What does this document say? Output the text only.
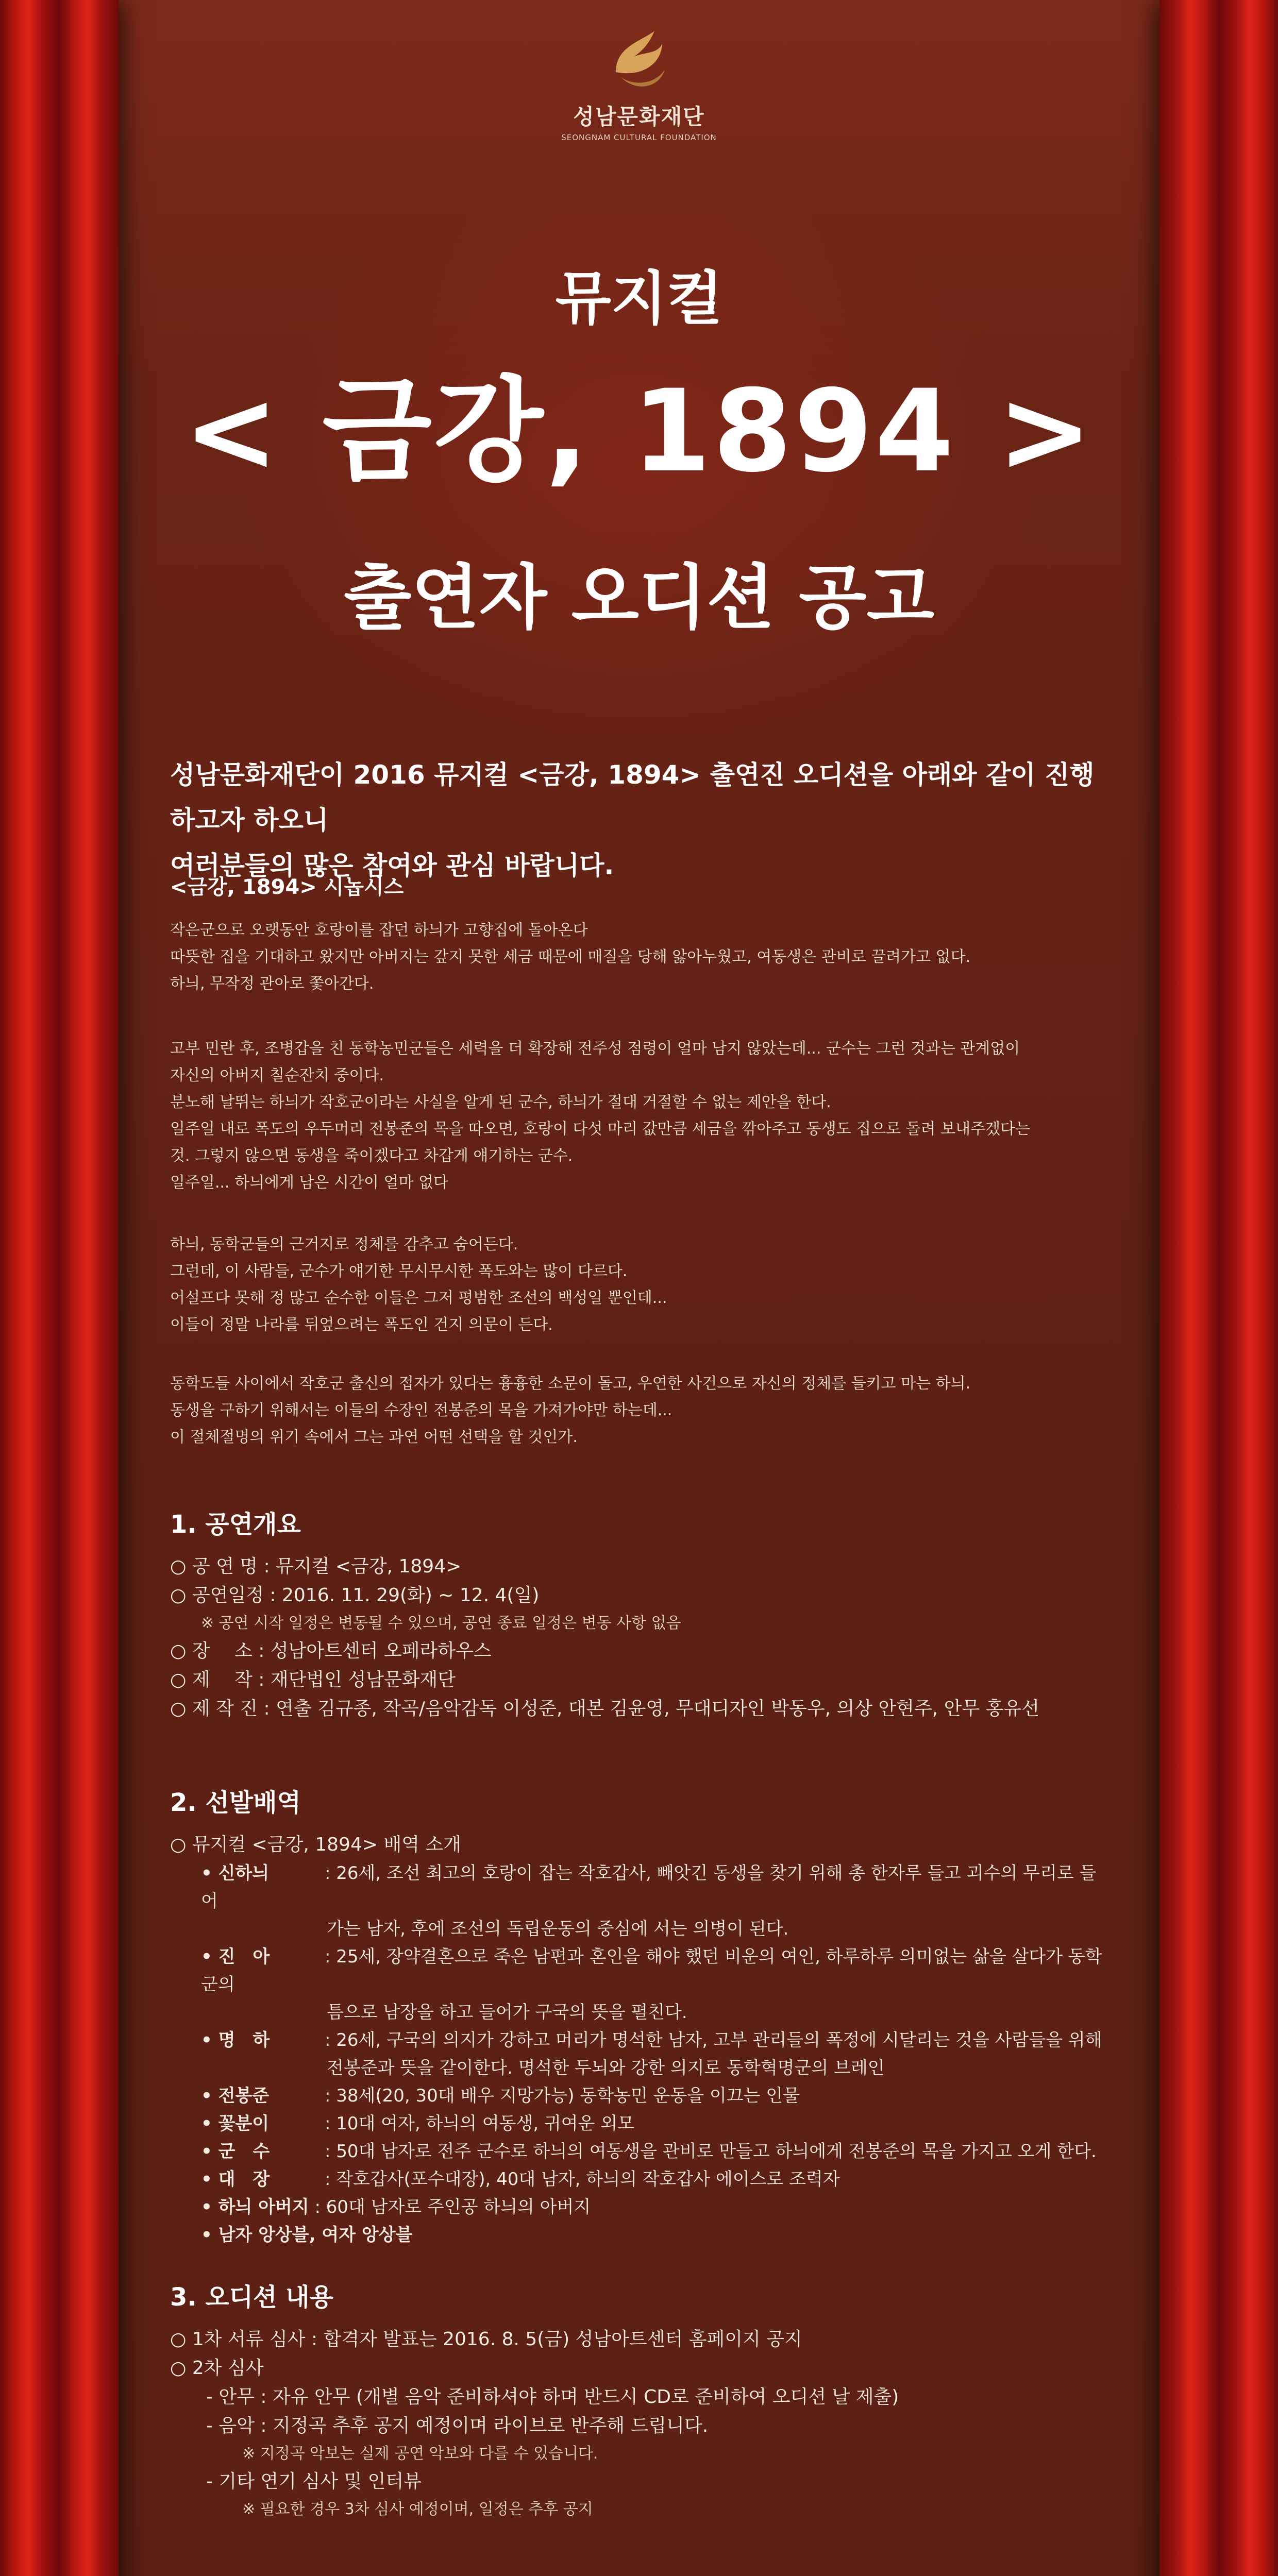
성남문화재단
SEONGNAM CULTURAL FOUNDATION
뮤지컬
< 금강, 1894 >
출연자 오디션 공고
성남문화재단이 2016 뮤지컬 <금강, 1894> 출연진 오디션을 아래와 같이 진행하고자 하오니
여러분들의 많은 참여와 관심 바랍니다.
<금강, 1894> 시놉시스
작은군으로 오랫동안 호랑이를 잡던 하늬가 고향집에 돌아온다
따뜻한 집을 기대하고 왔지만 아버지는 갚지 못한 세금 때문에 매질을 당해 앓아누웠고, 여동생은 관비로 끌려가고 없다.
하늬, 무작정 관아로 쫓아간다.
고부 민란 후, 조병갑을 친 동학농민군들은 세력을 더 확장해 전주성 점령이 얼마 남지 않았는데... 군수는 그런 것과는 관계없이
자신의 아버지 칠순잔치 중이다.
분노해 날뛰는 하늬가 작호군이라는 사실을 알게 된 군수, 하늬가 절대 거절할 수 없는 제안을 한다.
일주일 내로 폭도의 우두머리 전봉준의 목을 따오면, 호랑이 다섯 마리 값만큼 세금을 깎아주고 동생도 집으로 돌려 보내주겠다는
것. 그렇지 않으면 동생을 죽이겠다고 차갑게 얘기하는 군수.
일주일... 하늬에게 남은 시간이 얼마 없다
하늬, 동학군들의 근거지로 정체를 감추고 숨어든다.
그런데, 이 사람들, 군수가 얘기한 무시무시한 폭도와는 많이 다르다.
어설프다 못해 정 많고 순수한 이들은 그저 평범한 조선의 백성일 뿐인데...
이들이 정말 나라를 뒤엎으려는 폭도인 건지 의문이 든다.
동학도들 사이에서 작호군 출신의 접자가 있다는 흉흉한 소문이 돌고, 우연한 사건으로 자신의 정체를 들키고 마는 하늬.
동생을 구하기 위해서는 이들의 수장인 전봉준의 목을 가져가야만 하는데...
이 절체절명의 위기 속에서 그는 과연 어떤 선택을 할 것인가.
1. 공연개요
○ 공 연 명 : 뮤지컬 <금강, 1894>
○ 공연일정 : 2016. 11. 29(화) ~ 12. 4(일)
※ 공연 시작 일정은 변동될 수 있으며, 공연 종료 일정은 변동 사항 없음
○ 장　 소 : 성남아트센터 오페라하우스
○ 제　 작 : 재단법인 성남문화재단
○ 제 작 진 : 연출 김규종, 작곡/음악감독 이성준, 대본 김윤영, 무대디자인 박동우, 의상 안현주, 안무 홍유선
2. 선발배역
○ 뮤지컬 <금강, 1894> 배역 소개
• 신하늬	: 26세, 조선 최고의 호랑이 잡는 작호갑사, 빼앗긴 동생을 찾기 위해 총 한자루 들고 괴수의 무리로 들어
가는 남자, 후에 조선의 독립운동의 중심에 서는 의병이 된다.
• 진　아	: 25세, 장약결혼으로 죽은 남편과 혼인을 해야 했던 비운의 여인, 하루하루 의미없는 삶을 살다가 동학군의
틈으로 남장을 하고 들어가 구국의 뜻을 펼친다.
• 명　하	: 26세, 구국의 의지가 강하고 머리가 명석한 남자, 고부 관리들의 폭정에 시달리는 것을 사람들을 위해
전봉준과 뜻을 같이한다. 명석한 두뇌와 강한 의지로 동학혁명군의 브레인
• 전봉준	: 38세(20, 30대 배우 지망가능) 동학농민 운동을 이끄는 인물
• 꽃분이	: 10대 여자, 하늬의 여동생, 귀여운 외모
• 군　수	: 50대 남자로 전주 군수로 하늬의 여동생을 관비로 만들고 하늬에게 전봉준의 목을 가지고 오게 한다.
• 대　장	: 작호갑사(포수대장), 40대 남자, 하늬의 작호갑사 에이스로 조력자
• 하늬 아버지 : 60대 남자로 주인공 하늬의 아버지
• 남자 앙상블, 여자 앙상블
3. 오디션 내용
○ 1차 서류 심사 : 합격자 발표는 2016. 8. 5(금) 성남아트센터 홈페이지 공지
○ 2차 심사
- 안무 : 자유 안무 (개별 음악 준비하셔야 하며 반드시 CD로 준비하여 오디션 날 제출)
- 음악 : 지정곡 추후 공지 예정이며 라이브로 반주해 드립니다.
※ 지정곡 악보는 실제 공연 악보와 다를 수 있습니다.
- 기타 연기 심사 및 인터뷰
※ 필요한 경우 3차 심사 예정이며, 일정은 추후 공지
